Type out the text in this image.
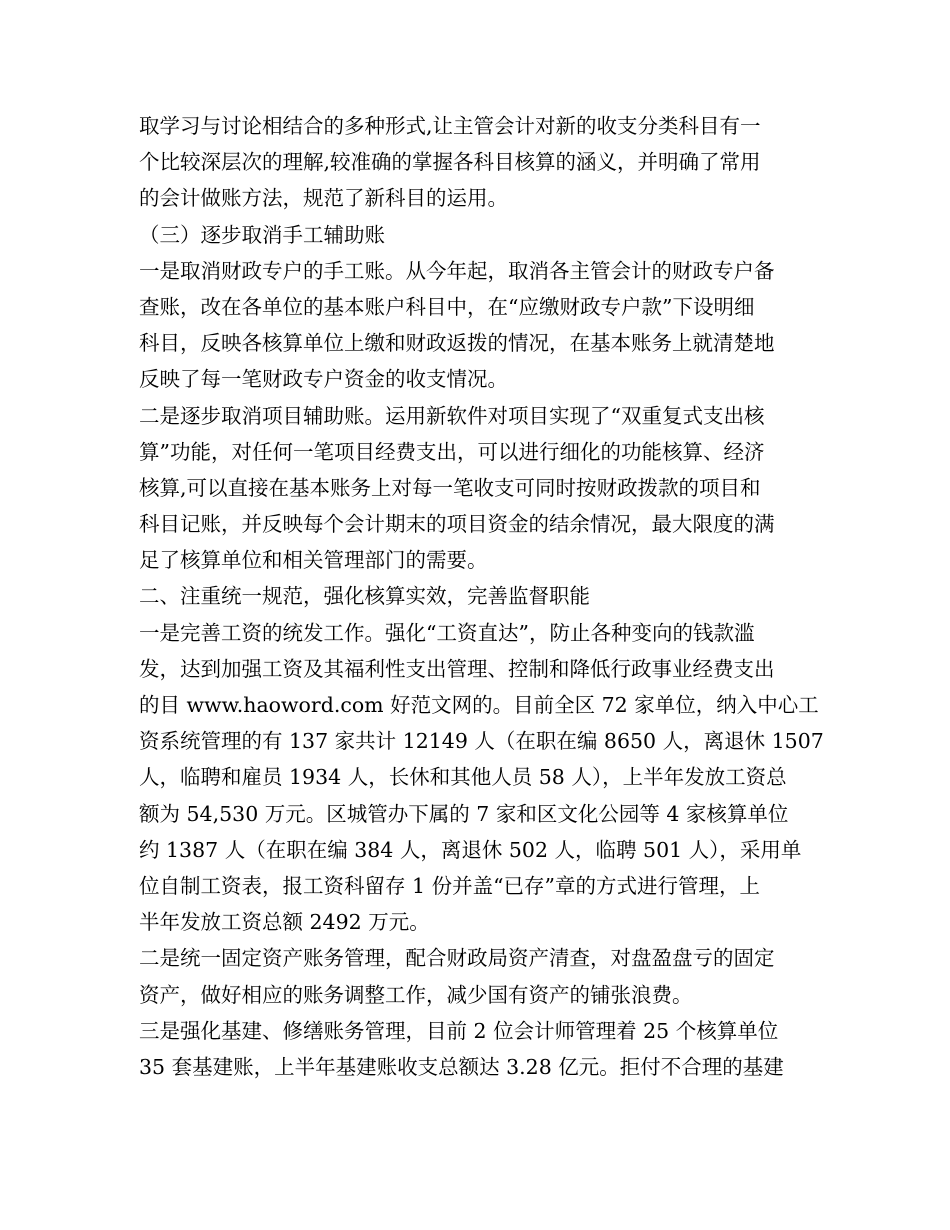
取学习与讨论相结合的多种形式,让主管会计对新的收支分类科目有一
个比较深层次的理解,较准确的掌握各科目核算的涵义，并明确了常用
的会计做账方法，规范了新科目的运用。
（三）逐步取消手工辅助账
一是取消财政专户的手工账。从今年起，取消各主管会计的财政专户备
查账，改在各单位的基本账户科目中，在“应缴财政专户款”下设明细
科目，反映各核算单位上缴和财政返拨的情况，在基本账务上就清楚地
反映了每一笔财政专户资金的收支情况。
二是逐步取消项目辅助账。运用新软件对项目实现了“双重复式支出核
算”功能，对任何一笔项目经费支出，可以进行细化的功能核算、经济
核算,可以直接在基本账务上对每一笔收支可同时按财政拨款的项目和
科目记账，并反映每个会计期末的项目资金的结余情况，最大限度的满
足了核算单位和相关管理部门的需要。
二、注重统一规范，强化核算实效，完善监督职能
一是完善工资的统发工作。强化“工资直达”，防止各种变向的钱款滥
发，达到加强工资及其福利性支出管理、控制和降低行政事业经费支出
的目 www.haoword.com 好范文网的。目前全区 72 家单位，纳入中心工
资系统管理的有 137 家共计 12149 人（在职在编 8650 人，离退休 1507
人，临聘和雇员 1934 人，长休和其他人员 58 人），上半年发放工资总
额为 54,530 万元。区城管办下属的 7 家和区文化公园等 4 家核算单位
约 1387 人（在职在编 384 人，离退休 502 人，临聘 501 人），采用单
位自制工资表，报工资科留存 1 份并盖“已存”章的方式进行管理，上
半年发放工资总额 2492 万元。
二是统一固定资产账务管理，配合财政局资产清查，对盘盈盘亏的固定
资产，做好相应的账务调整工作，减少国有资产的铺张浪费。
三是强化基建、修缮账务管理，目前 2 位会计师管理着 25 个核算单位
35 套基建账，上半年基建账收支总额达 3.28 亿元。拒付不合理的基建
